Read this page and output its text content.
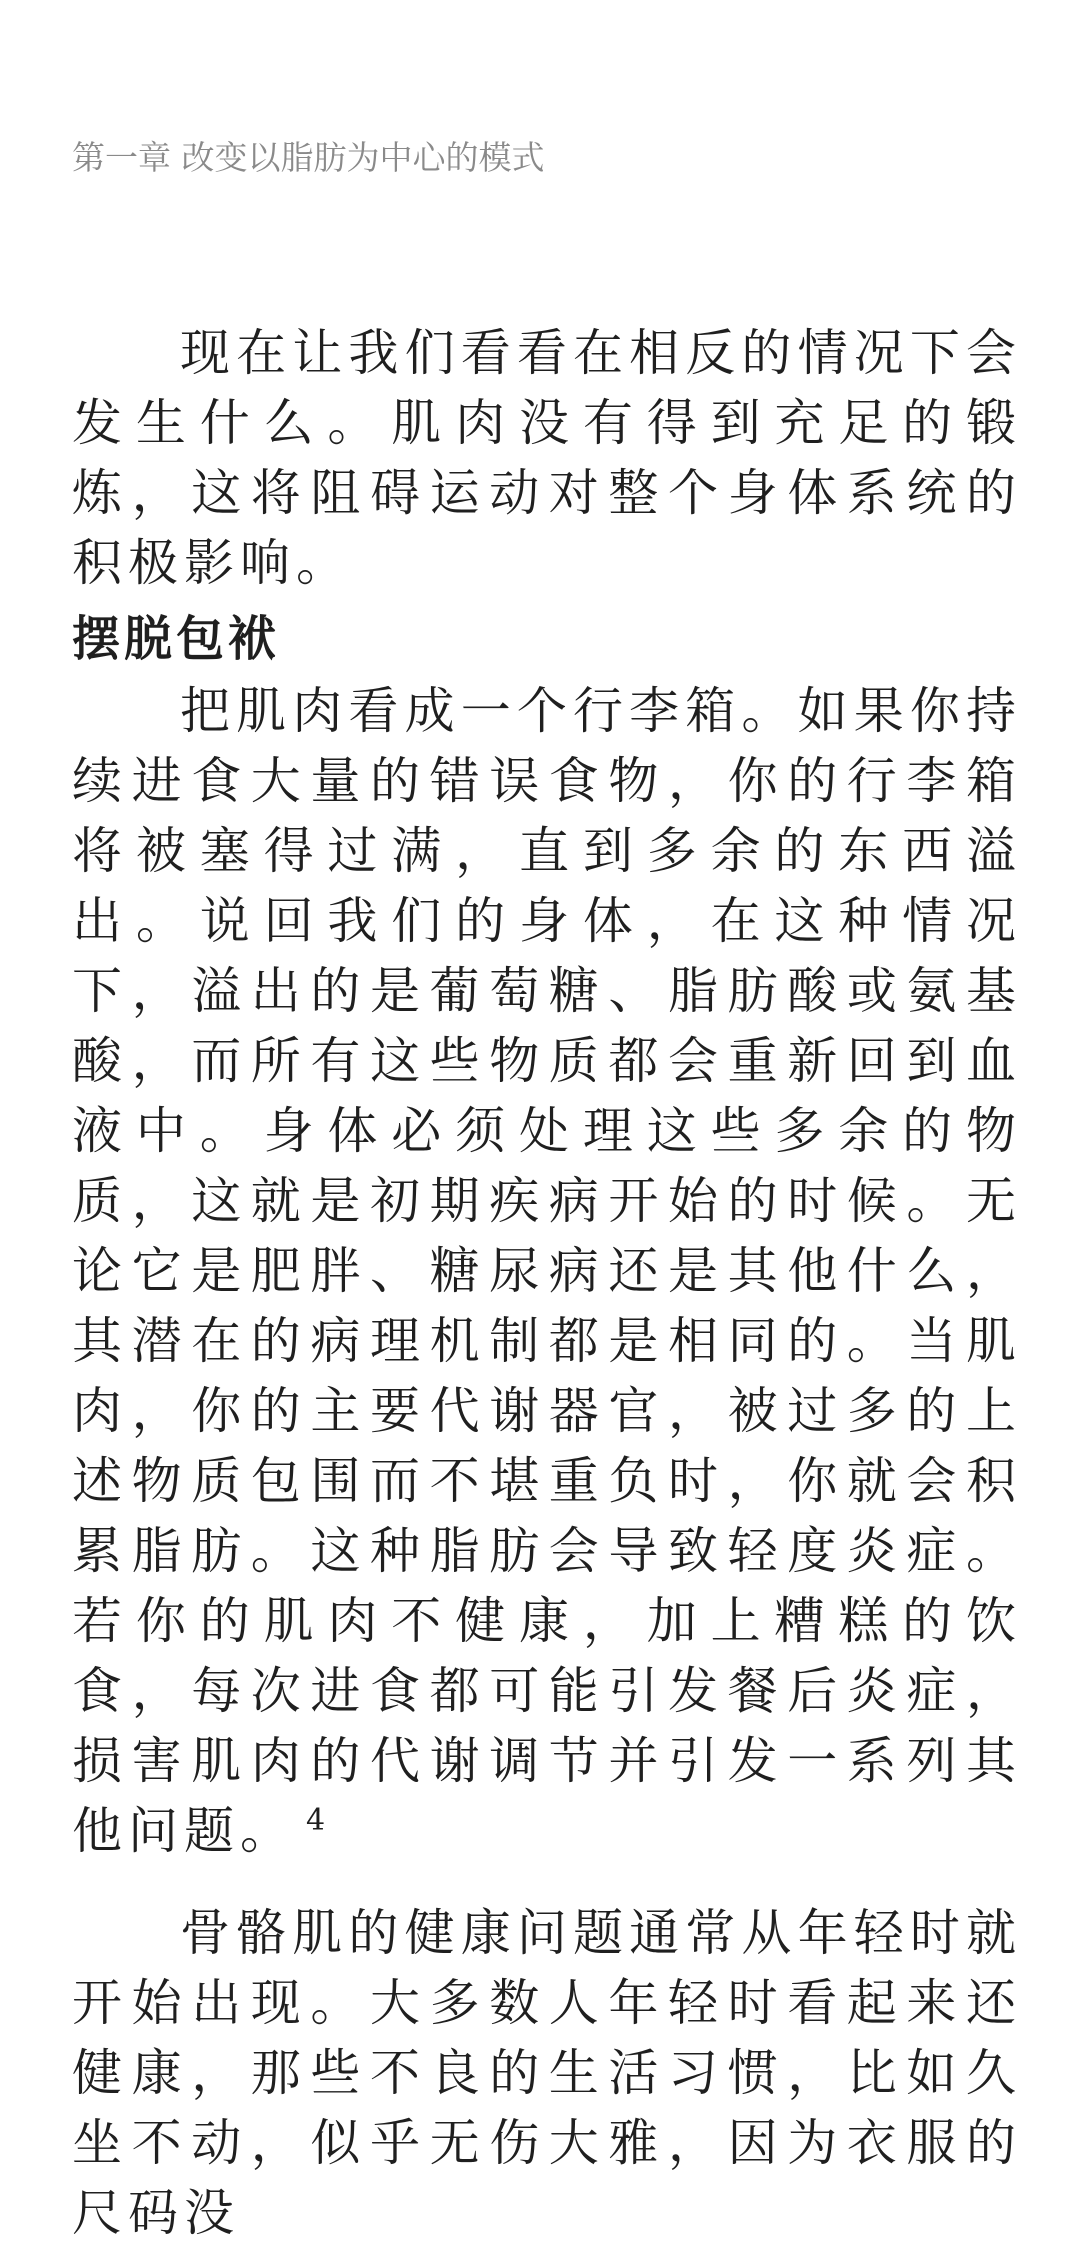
第一章 改变以脂肪为中心的模式

现在让我们看看在相反的情况下会发生什么。肌肉没有得到充足的锻炼，这将阻碍运动对整个身体系统的积极影响。

摆脱包袱

把肌肉看成一个行李箱。如果你持续进食大量的错误食物，你的行李箱将被塞得过满，直到多余的东西溢出。说回我们的身体，在这种情况下，溢出的是葡萄糖、脂肪酸或氨基酸，而所有这些物质都会重新回到血液中。身体必须处理这些多余的物质，这就是初期疾病开始的时候。无论它是肥胖、糖尿病还是其他什么，其潜在的病理机制都是相同的。当肌肉，你的主要代谢器官，被过多的上述物质包围而不堪重负时，你就会积累脂肪。这种脂肪会导致轻度炎症。若你的肌肉不健康，加上糟糕的饮食，每次进食都可能引发餐后炎症，损害肌肉的代谢调节并引发一系列其他问题。 $^4$

骨骼肌的健康问题通常从年轻时就开始出现。大多数人年轻时看起来还健康，那些不良的生活习惯，比如久坐不动，似乎无伤大雅，因为衣服的尺码没
